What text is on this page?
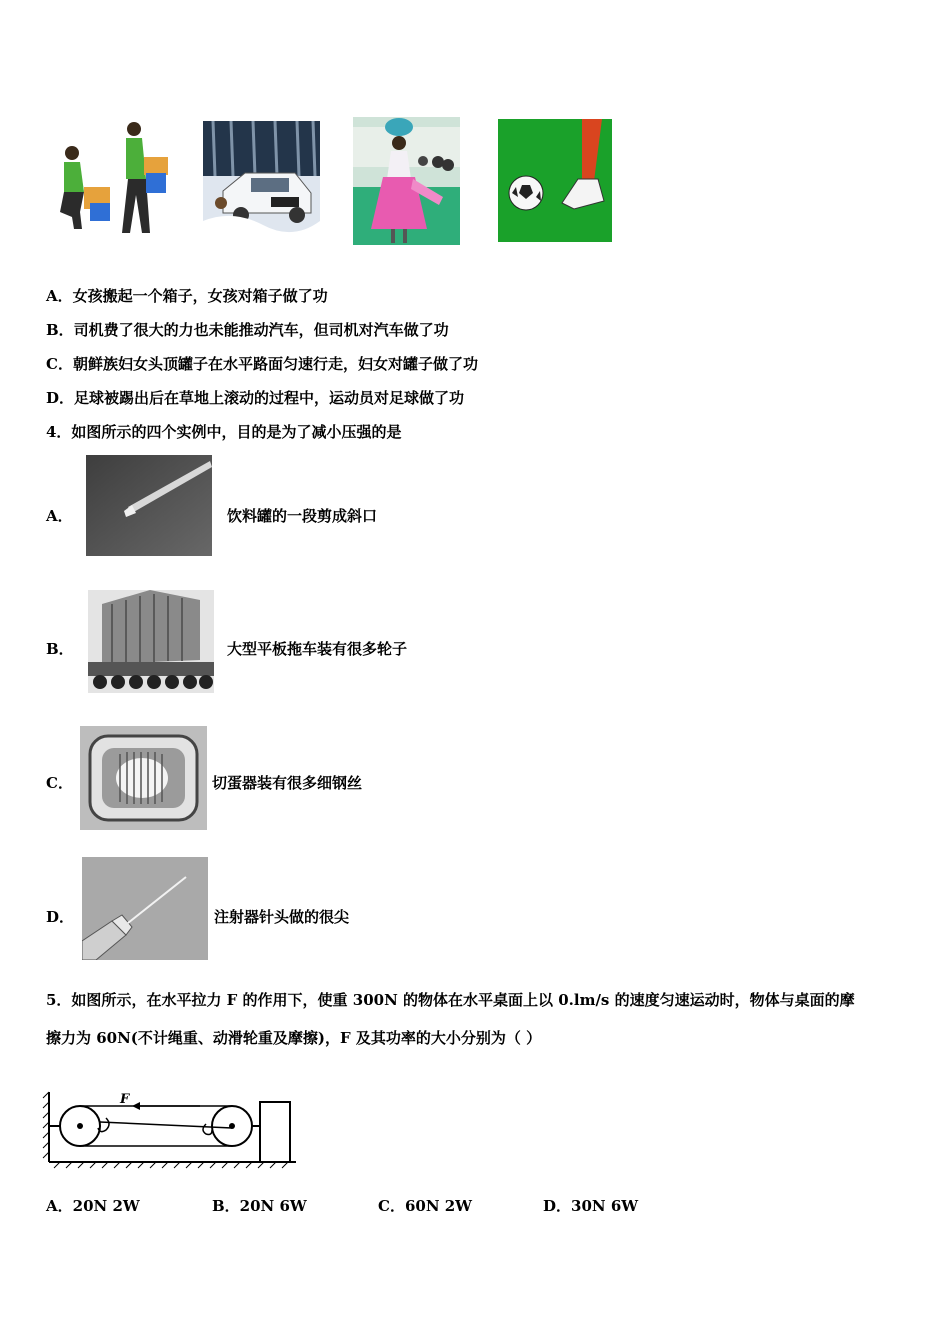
A．女孩搬起一个箱子，女孩对箱子做了功
B．司机费了很大的力也未能推动汽车，但司机对汽车做了功
C．朝鲜族妇女头顶罐子在水平路面匀速行走，妇女对罐子做了功
D．足球被踢出后在草地上滚动的过程中，运动员对足球做了功
4．如图所示的四个实例中，目的是为了减小压强的是
A．	饮料罐的一段剪成斜口
B．	大型平板拖车装有很多轮子
C．	切蛋器装有很多细钢丝
D．	注射器针头做的很尖
5．如图所示，在水平拉力 F 的作用下，使重 300N 的物体在水平桌面上以 0.lm/s 的速度匀速运动时，物体与桌面的摩
擦力为 60N(不计绳重、动滑轮重及摩擦)，F 及其功率的大小分别为（ ）
F
A．20N 2W	B．20N 6W	C．60N 2W	D．30N 6W
